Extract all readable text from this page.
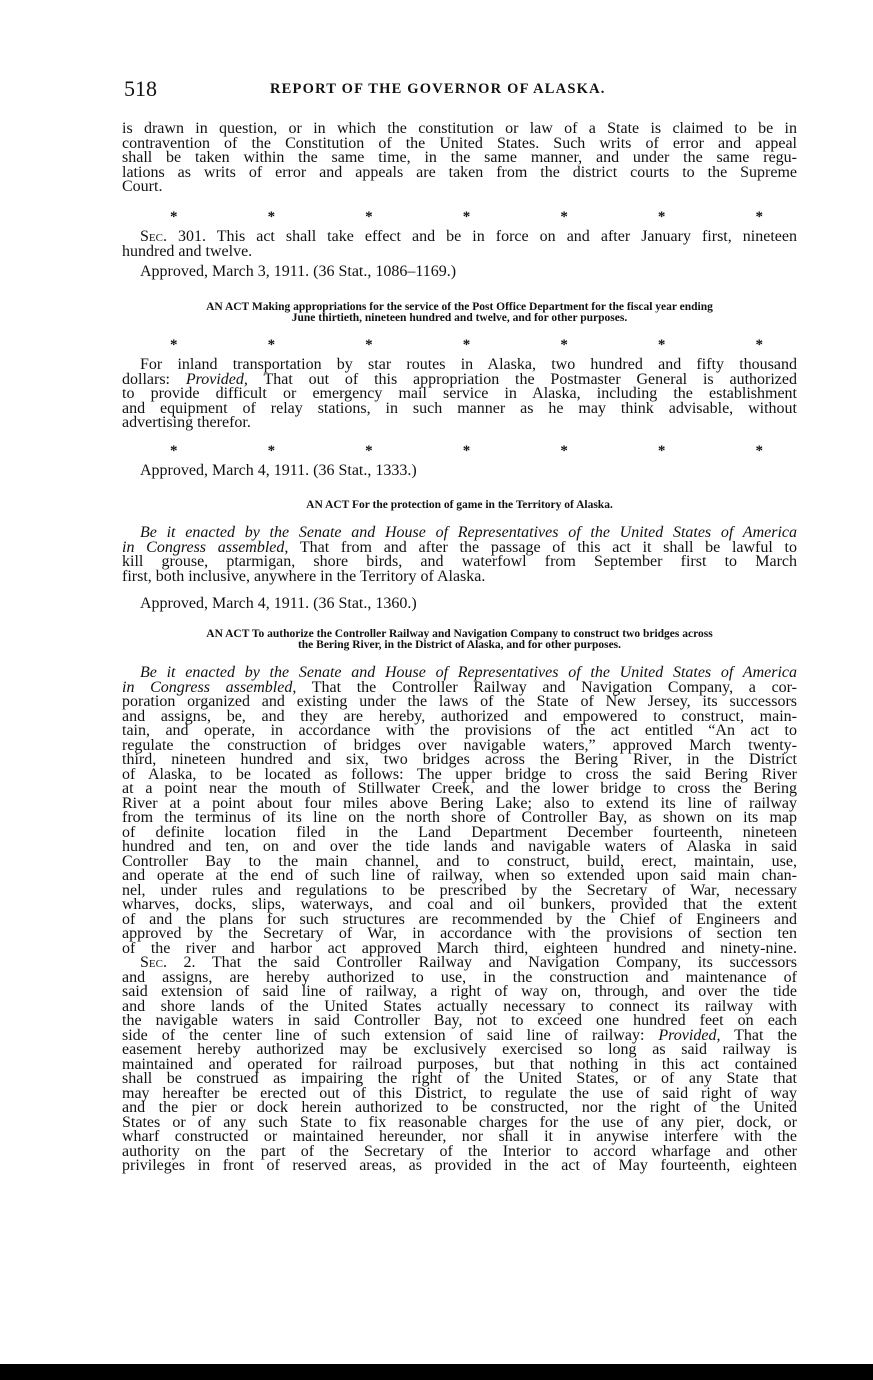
518	REPORT OF THE GOVERNOR OF ALASKA.

is drawn in question, or in which the constitution or law of a State is claimed to be in

contravention of the Constitution of the United States. Such writs of error and appeal

shall be taken within the same time, in the same manner, and under the same regu-

lations as writs of error and appeals are taken from the district courts to the Supreme

Court.

*	*	*	*	*	*	*

Sec. 301. This act shall take effect and be in force on and after January first, nineteen

hundred and twelve.

Approved, March 3, 1911. (36 Stat., 1086–1169.)

AN ACT Making appropriations for the service of the Post Office Department for the fiscal year ending

June thirtieth, nineteen hundred and twelve, and for other purposes.

*	*	*	*	*	*	*

For inland transportation by star routes in Alaska, two hundred and fifty thousand

dollars: Provided, That out of this appropriation the Postmaster General is authorized

to provide difficult or emergency mail service in Alaska, including the establishment

and equipment of relay stations, in such manner as he may think advisable, without

advertising therefor.

*	*	*	*	*	*	*
Approved, March 4, 1911. (36 Stat., 1333.)

AN ACT For the protection of game in the Territory of Alaska.

Be it enacted by the Senate and House of Representatives of the United States of America

in Congress assembled, That from and after the passage of this act it shall be lawful to

kill grouse, ptarmigan, shore birds, and waterfowl from September first to March

first, both inclusive, anywhere in the Territory of Alaska.

Approved, March 4, 1911. (36 Stat., 1360.)

AN ACT To authorize the Controller Railway and Navigation Company to construct two bridges across

the Bering River, in the District of Alaska, and for other purposes.

Be it enacted by the Senate and House of Representatives of the United States of America

in Congress assembled, That the Controller Railway and Navigation Company, a cor-

poration organized and existing under the laws of the State of New Jersey, its successors

and assigns, be, and they are hereby, authorized and empowered to construct, main-

tain, and operate, in accordance with the provisions of the act entitled “An act to

regulate the construction of bridges over navigable waters,” approved March twenty-

third, nineteen hundred and six, two bridges across the Bering River, in the District

of Alaska, to be located as follows: The upper bridge to cross the said Bering River

at a point near the mouth of Stillwater Creek, and the lower bridge to cross the Bering

River at a point about four miles above Bering Lake; also to extend its line of railway

from the terminus of its line on the north shore of Controller Bay, as shown on its map

of definite location filed in the Land Department December fourteenth, nineteen

hundred and ten, on and over the tide lands and navigable waters of Alaska in said

Controller Bay to the main channel, and to construct, build, erect, maintain, use,

and operate at the end of such line of railway, when so extended upon said main chan-

nel, under rules and regulations to be prescribed by the Secretary of War, necessary

wharves, docks, slips, waterways, and coal and oil bunkers, provided that the extent

of and the plans for such structures are recommended by the Chief of Engineers and

approved by the Secretary of War, in accordance with the provisions of section ten

of the river and harbor act approved March third, eighteen hundred and ninety-nine.

Sec. 2. That the said Controller Railway and Navigation Company, its successors

and assigns, are hereby authorized to use, in the construction and maintenance of

said extension of said line of railway, a right of way on, through, and over the tide

and shore lands of the United States actually necessary to connect its railway with

the navigable waters in said Controller Bay, not to exceed one hundred feet on each

side of the center line of such extension of said line of railway: Provided, That the

easement hereby authorized may be exclusively exercised so long as said railway is

maintained and operated for railroad purposes, but that nothing in this act contained

shall be construed as impairing the right of the United States, or of any State that

may hereafter be erected out of this District, to regulate the use of said right of way

and the pier or dock herein authorized to be constructed, nor the right of the United

States or of any such State to fix reasonable charges for the use of any pier, dock, or

wharf constructed or maintained hereunder, nor shall it in anywise interfere with the

authority on the part of the Secretary of the Interior to accord wharfage and other

privileges in front of reserved areas, as provided in the act of May fourteenth, eighteen
